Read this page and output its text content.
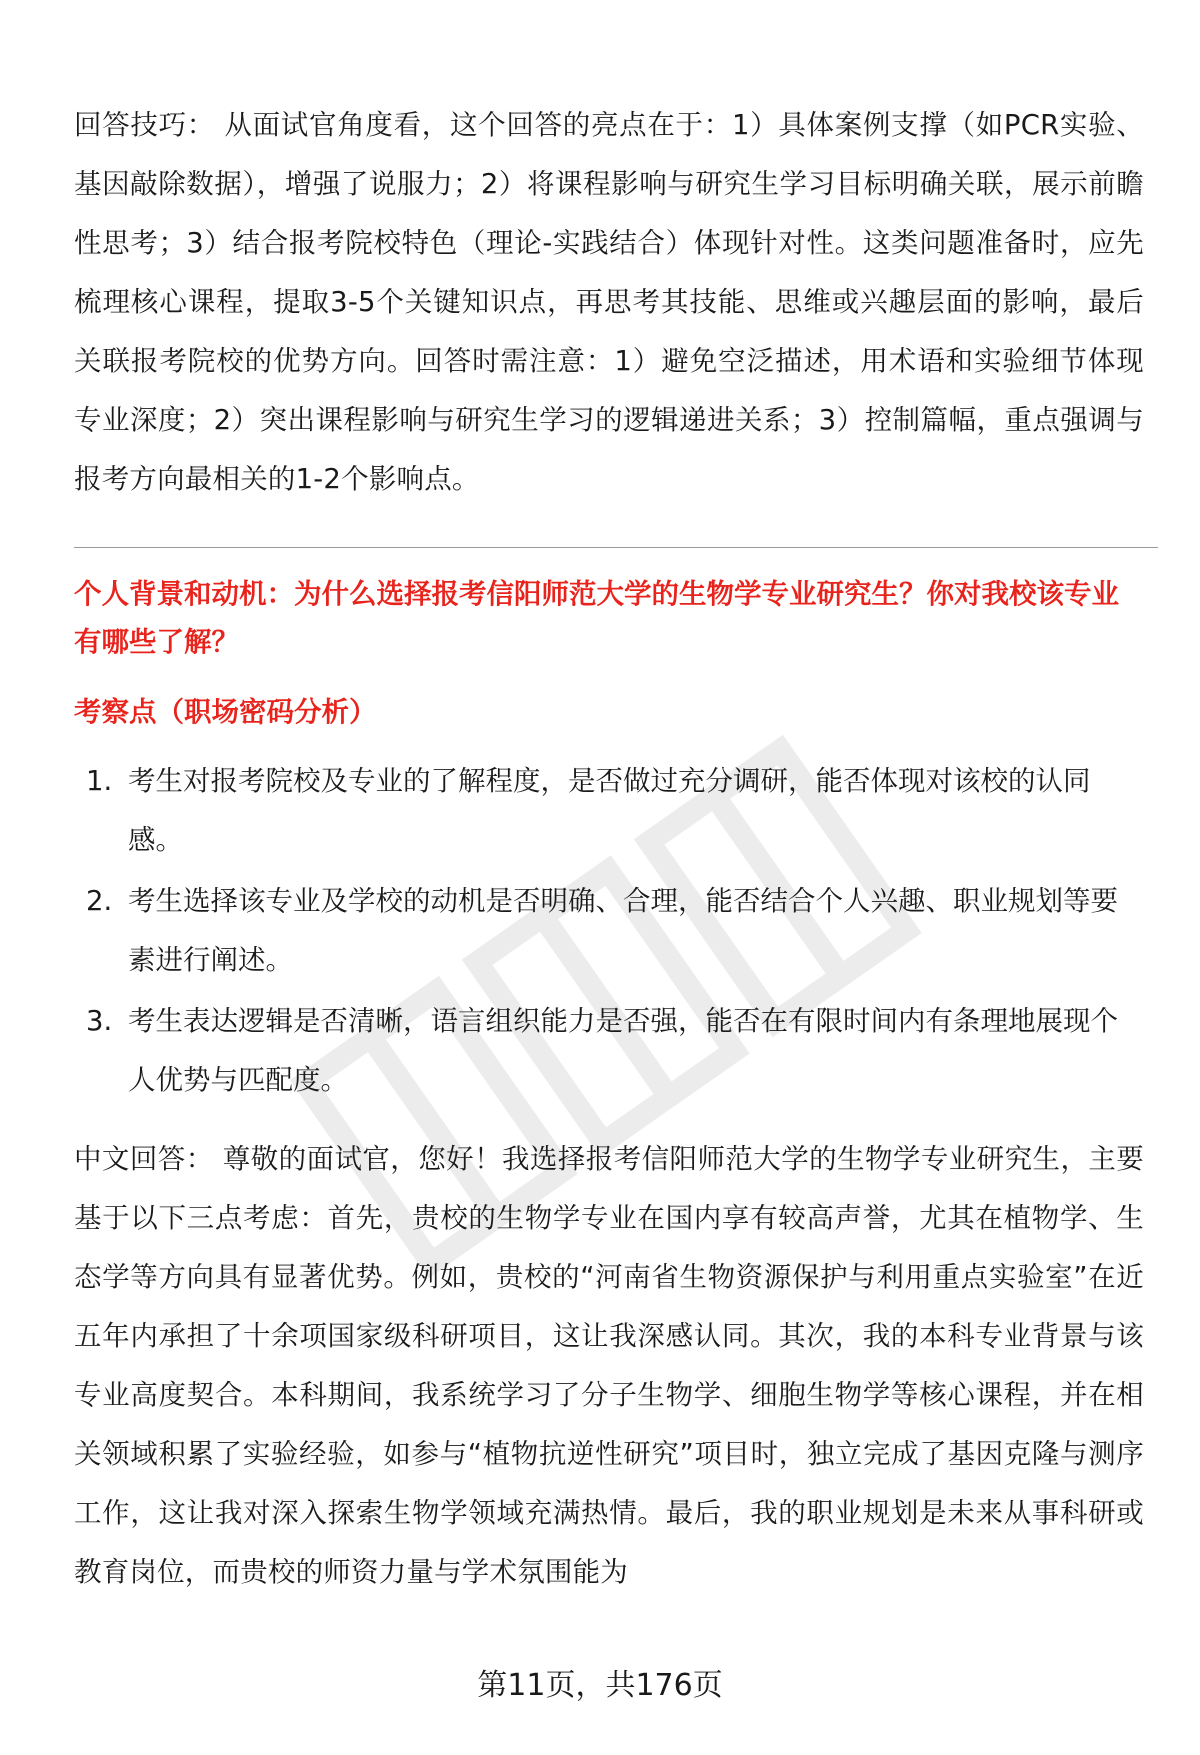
回答技巧： 从面试官角度看，这个回答的亮点在于：1）具体案例支撑（如PCR实验、基因敲除数据），增强了说服力；2）将课程影响与研究生学习目标明确关联，展示前瞻性思考；3）结合报考院校特色（理论-实践结合）体现针对性。这类问题准备时，应先梳理核心课程，提取3-5个关键知识点，再思考其技能、思维或兴趣层面的影响，最后关联报考院校的优势方向。回答时需注意：1）避免空泛描述，用术语和实验细节体现专业深度；2）突出课程影响与研究生学习的逻辑递进关系；3）控制篇幅，重点强调与报考方向最相关的1-2个影响点。

个人背景和动机：为什么选择报考信阳师范大学的生物学专业研究生？你对我校该专业有哪些了解？

考察点（职场密码分析）

1. 考生对报考院校及专业的了解程度，是否做过充分调研，能否体现对该校的认同感。
2. 考生选择该专业及学校的动机是否明确、合理，能否结合个人兴趣、职业规划等要素进行阐述。
3. 考生表达逻辑是否清晰，语言组织能力是否强，能否在有限时间内有条理地展现个人优势与匹配度。

中文回答： 尊敬的面试官，您好！我选择报考信阳师范大学的生物学专业研究生，主要基于以下三点考虑：首先，贵校的生物学专业在国内享有较高声誉，尤其在植物学、生态学等方向具有显著优势。例如，贵校的“河南省生物资源保护与利用重点实验室”在近五年内承担了十余项国家级科研项目，这让我深感认同。其次，我的本科专业背景与该专业高度契合。本科期间，我系统学习了分子生物学、细胞生物学等核心课程，并在相关领域积累了实验经验，如参与“植物抗逆性研究”项目时，独立完成了基因克隆与测序工作，这让我对深入探索生物学领域充满热情。最后，我的职业规划是未来从事科研或教育岗位，而贵校的师资力量与学术氛围能为

第11页，共176页
